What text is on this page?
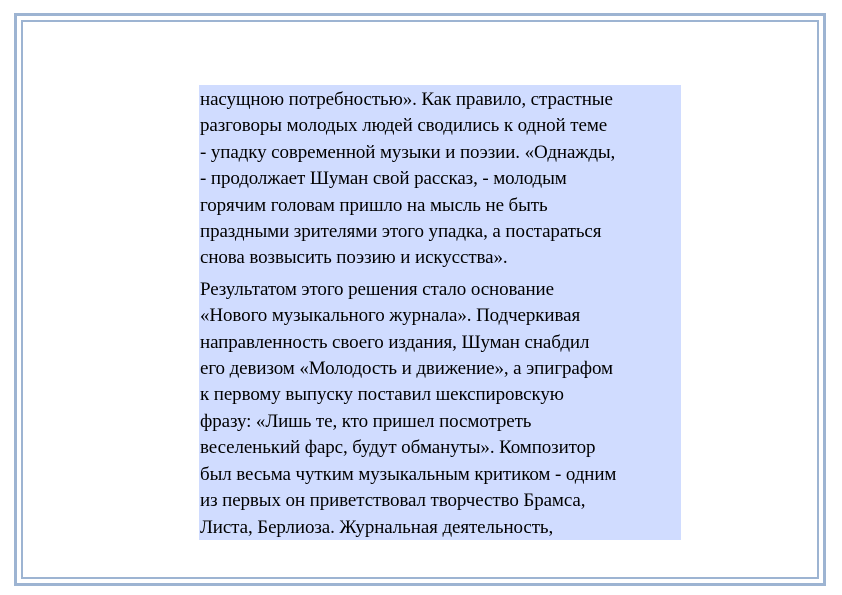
насущною потребностью». Как правило, страстные
разговоры молодых людей сводились к одной теме
- упадку современной музыки и поэзии. «Однажды,
- продолжает Шуман свой рассказ, - молодым
горячим головам пришло на мысль не быть
праздными зрителями этого упадка, а постараться
снова возвысить поэзию и искусства».
Результатом этого решения стало основание
«Нового музыкального журнала». Подчеркивая
направленность своего издания, Шуман снабдил
его девизом «Молодость и движение», а эпиграфом
к первому выпуску поставил шекспировскую
фразу: «Лишь те, кто пришел посмотреть
веселенький фарс, будут обмануты». Композитор
был весьма чутким музыкальным критиком - одним
из первых он приветствовал творчество Брамса,
Листа, Берлиоза. Журнальная деятельность,
